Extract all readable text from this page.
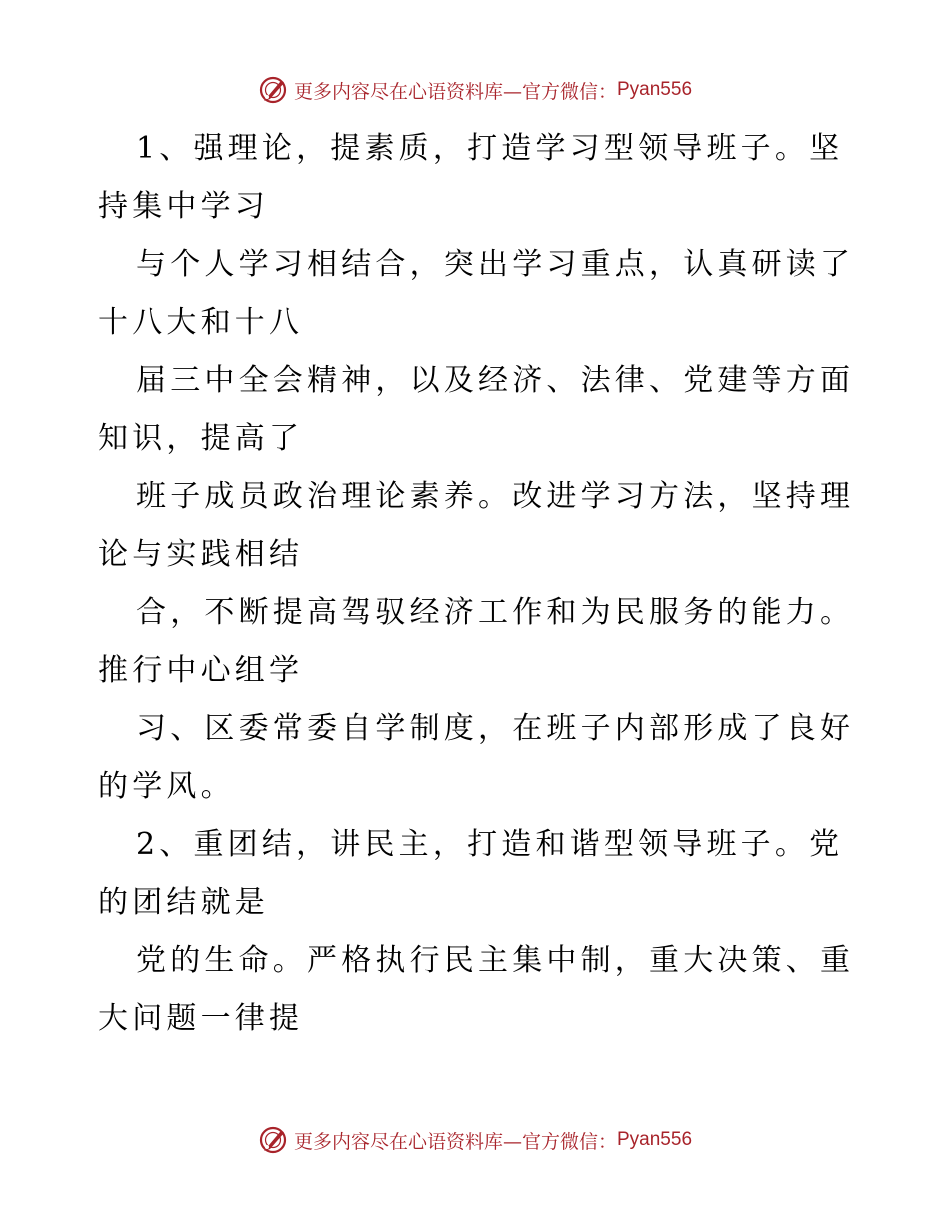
更多内容尽在心语资料库—官方微信： Pyan556

1、强理论，提素质，打造学习型领导班子。坚
持集中学习
与个人学习相结合，突出学习重点，认真研读了
十八大和十八
届三中全会精神，以及经济、法律、党建等方面
知识，提高了
班子成员政治理论素养。改进学习方法，坚持理
论与实践相结
合，不断提高驾驭经济工作和为民服务的能力。
推行中心组学
习、区委常委自学制度，在班子内部形成了良好
的学风。
2、重团结，讲民主，打造和谐型领导班子。党
的团结就是
党的生命。严格执行民主集中制，重大决策、重
大问题一律提

更多内容尽在心语资料库—官方微信： Pyan556
